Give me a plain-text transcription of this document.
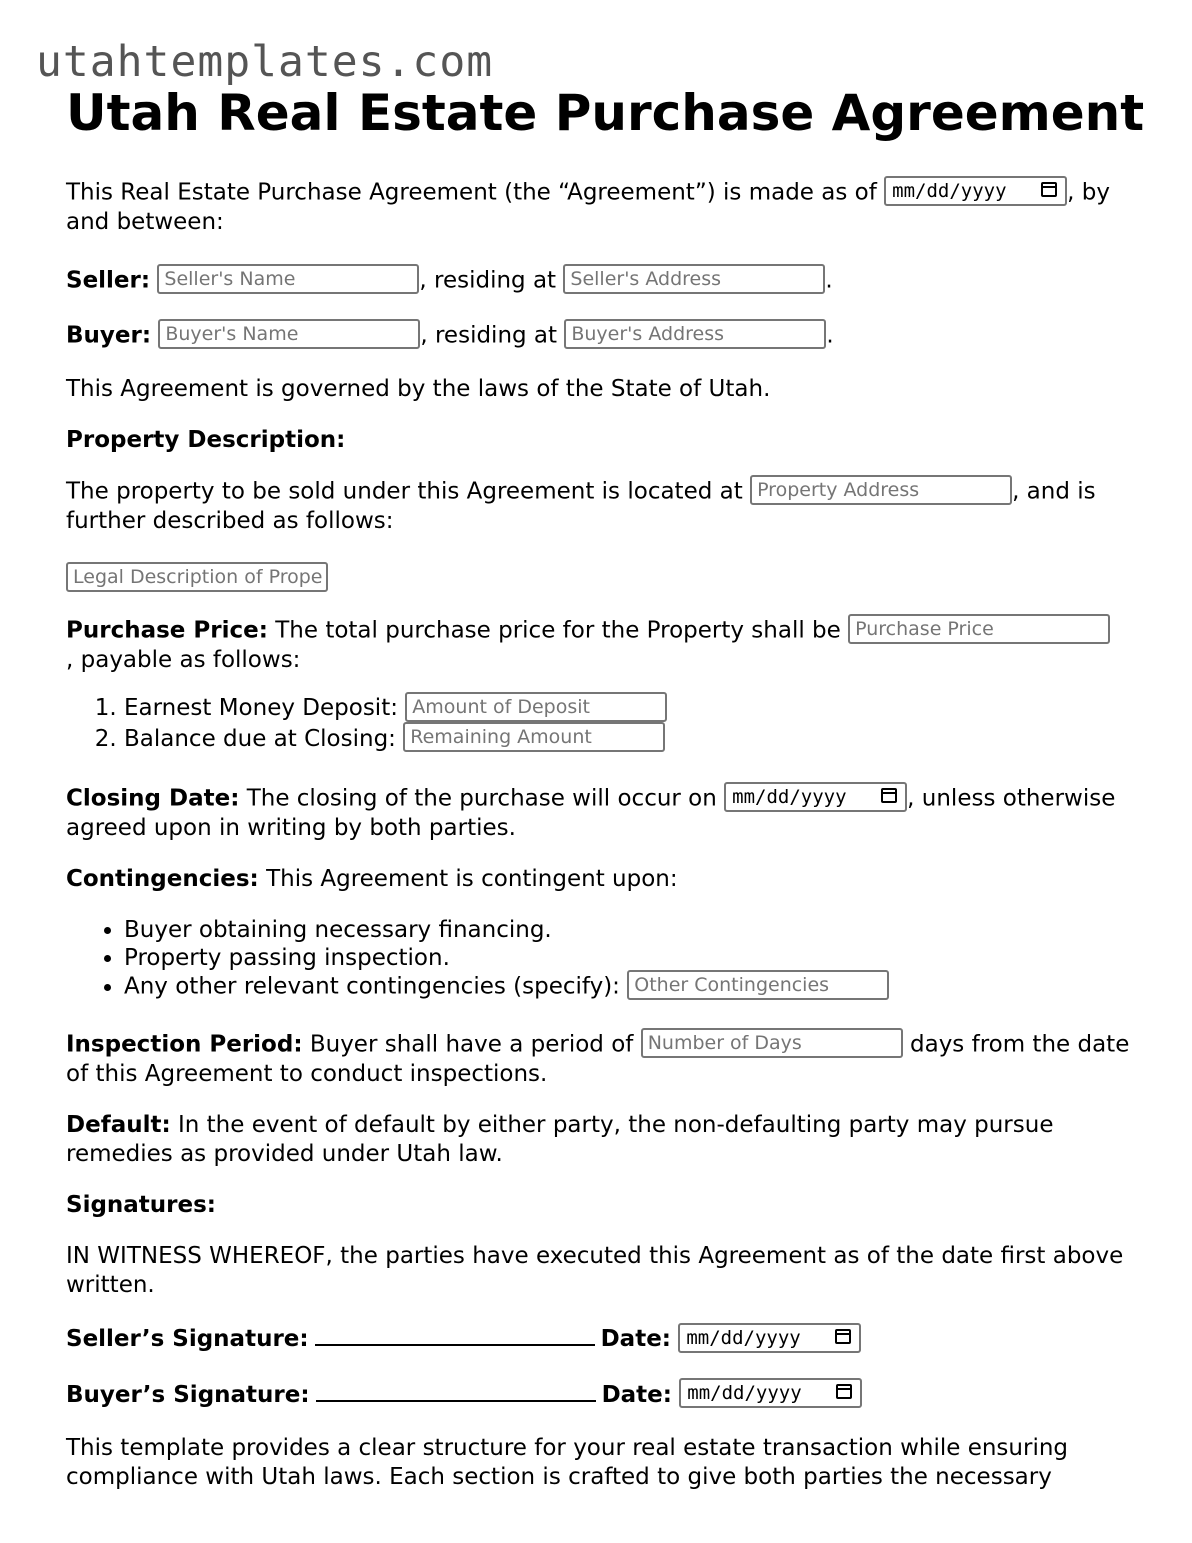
utahtemplates.com
Utah Real Estate Purchase Agreement

This Real Estate Purchase Agreement (the “Agreement”) is made as of mm/dd/yyyy	, by and between:

Seller: Seller's Name	, residing at Seller's Address	.

Buyer: Buyer's Name	, residing at Buyer's Address	.

This Agreement is governed by the laws of the State of Utah.

Property Description:

The property to be sold under this Agreement is located at Property Address	, and is further described as follows:

Legal Description of Prope

Purchase Price: The total purchase price for the Property shall be Purchase Price
, payable as follows:

1. Earnest Money Deposit: Amount of Deposit
2. Balance due at Closing: Remaining Amount

Closing Date: The closing of the purchase will occur on mm/dd/yyyy	, unless otherwise agreed upon in writing by both parties.

Contingencies: This Agreement is contingent upon:

• Buyer obtaining necessary financing.
• Property passing inspection.
• Any other relevant contingencies (specify): Other Contingencies

Inspection Period: Buyer shall have a period of Number of Days	days from the date of this Agreement to conduct inspections.

Default: In the event of default by either party, the non-defaulting party may pursue remedies as provided under Utah law.

Signatures:

IN WITNESS WHEREOF, the parties have executed this Agreement as of the date first above written.

Seller’s Signature:	Date: mm/dd/yyyy

Buyer’s Signature:	Date: mm/dd/yyyy

This template provides a clear structure for your real estate transaction while ensuring compliance with Utah laws. Each section is crafted to give both parties the necessary
